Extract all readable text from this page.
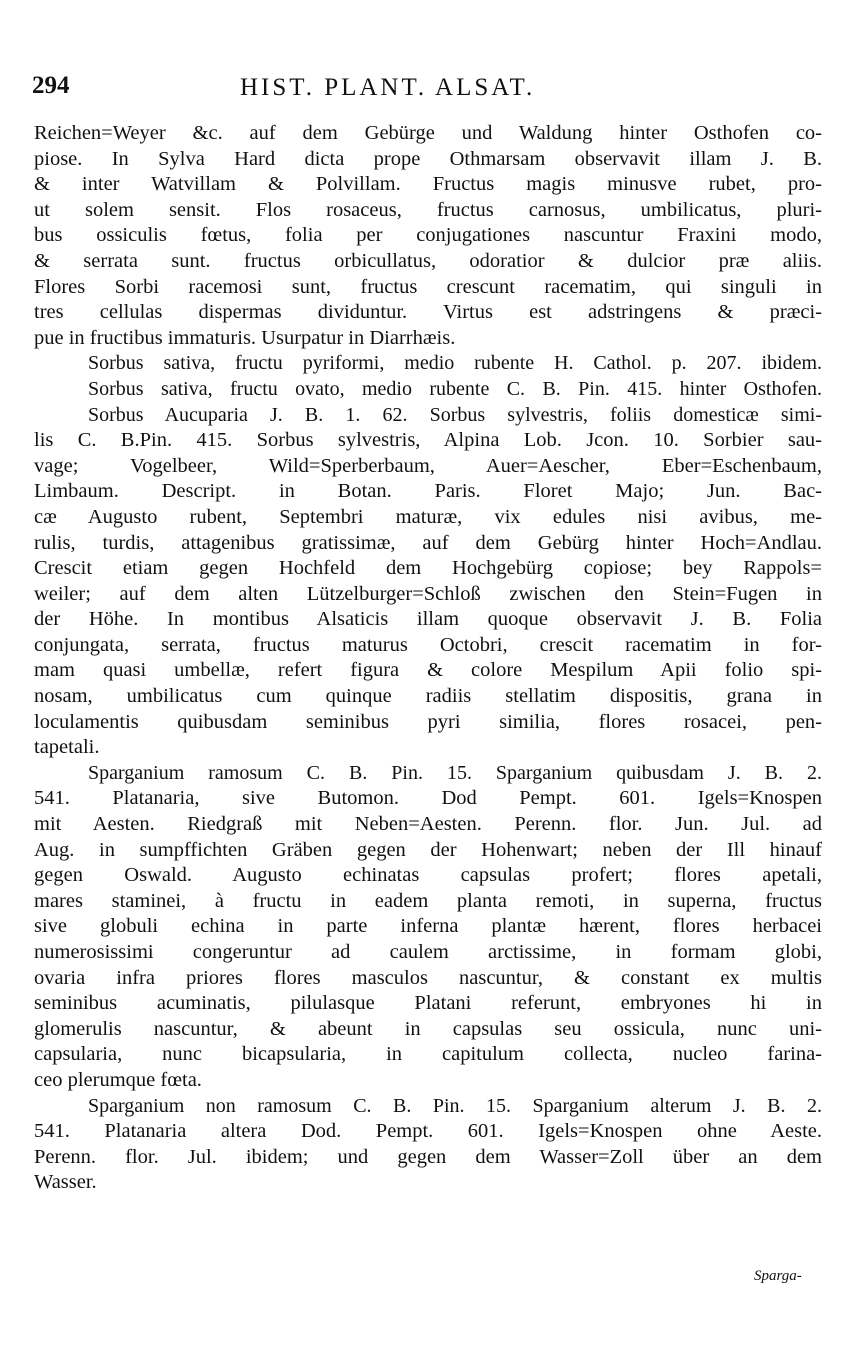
294	HIST. PLANT. ALSAT.
Reichen=Weyer &c. auf dem Gebürge und Waldung hinter Osthofen co-
piose. In Sylva Hard dicta prope Othmarsam observavit illam J. B.
& inter Watvillam & Polvillam. Fructus magis minusve rubet, pro-
ut solem sensit. Flos rosaceus, fructus carnosus, umbilicatus, pluri-
bus ossiculis fœtus, folia per conjugationes nascuntur Fraxini modo,
& serrata sunt. fructus orbicullatus, odoratior & dulcior præ aliis.
Flores Sorbi racemosi sunt, fructus crescunt racematim, qui singuli in
tres cellulas dispermas dividuntur. Virtus est adstringens & præci-
pue in fructibus immaturis. Usurpatur in Diarrhæis.
Sorbus sativa, fructu pyriformi, medio rubente H. Cathol. p. 207. ibidem.
Sorbus sativa, fructu ovato, medio rubente C. B. Pin. 415. hinter Osthofen.
Sorbus Aucuparia J. B. 1. 62. Sorbus sylvestris, foliis domesticæ simi-
lis C. B.Pin. 415. Sorbus sylvestris, Alpina Lob. Jcon. 10. Sorbier sau-
vage; Vogelbeer, Wild=Sperberbaum, Auer=Aescher, Eber=Eschenbaum,
Limbaum. Descript. in Botan. Paris. Floret Majo; Jun. Bac-
cæ Augusto rubent, Septembri maturæ, vix edules nisi avibus, me-
rulis, turdis, attagenibus gratissimæ, auf dem Gebürg hinter Hoch=Andlau.
Crescit etiam gegen Hochfeld dem Hochgebürg copiose; bey Rappols=
weiler; auf dem alten Lützelburger=Schloß zwischen den Stein=Fugen in
der Höhe. In montibus Alsaticis illam quoque observavit J. B. Folia
conjungata, serrata, fructus maturus Octobri, crescit racematim in for-
mam quasi umbellæ, refert figura & colore Mespilum Apii folio spi-
nosam, umbilicatus cum quinque radiis stellatim dispositis, grana in
loculamentis quibusdam seminibus pyri similia, flores rosacei, pen-
tapetali.
Sparganium ramosum C. B. Pin. 15. Sparganium quibusdam J. B. 2.
541. Platanaria, sive Butomon. Dod Pempt. 601. Igels=Knospen
mit Aesten. Riedgraß mit Neben=Aesten. Perenn. flor. Jun. Jul. ad
Aug. in sumpffichten Gräben gegen der Hohenwart; neben der Ill hinauf
gegen Oswald. Augusto echinatas capsulas profert; flores apetali,
mares staminei, à fructu in eadem planta remoti, in superna, fructus
sive globuli echina in parte inferna plantæ hærent, flores herbacei
numerosissimi congeruntur ad caulem arctissime, in formam globi,
ovaria infra priores flores masculos nascuntur, & constant ex multis
seminibus acuminatis, pilulasque Platani referunt, embryones hi in
glomerulis nascuntur, & abeunt in capsulas seu ossicula, nunc uni-
capsularia, nunc bicapsularia, in capitulum collecta, nucleo farina-
ceo plerumque fœta.
Sparganium non ramosum C. B. Pin. 15. Sparganium alterum J. B. 2.
541. Platanaria altera Dod. Pempt. 601. Igels=Knospen ohne Aeste.
Perenn. flor. Jul. ibidem; und gegen dem Wasser=Zoll über an dem
Wasser.
Sparga-
